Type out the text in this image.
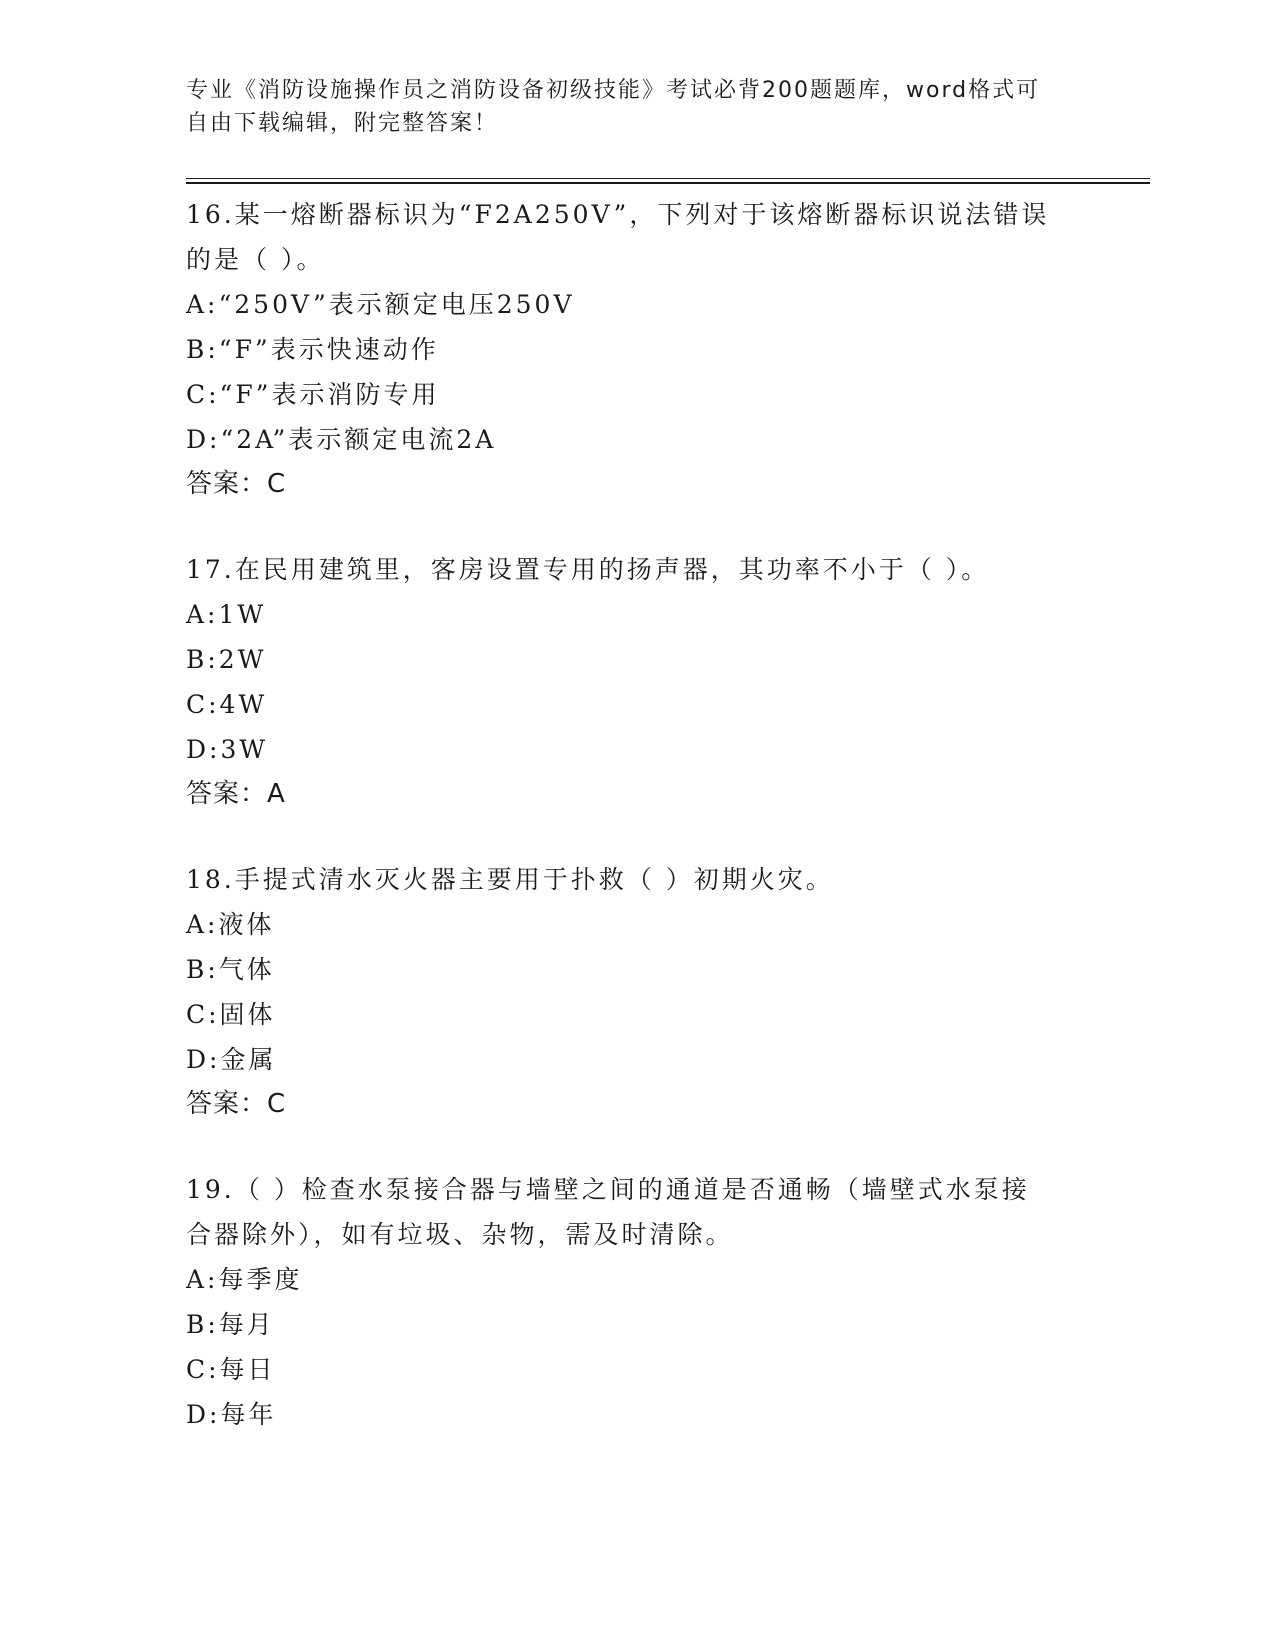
专业《消防设施操作员之消防设备初级技能》考试必背200题题库，word格式可
自由下载编辑，附完整答案！

16.某一熔断器标识为“F2A250V”，下列对于该熔断器标识说法错误

的是（ ）。

A:“250V”表示额定电压250V

B:“F”表示快速动作

C:“F”表示消防专用

D:“2A”表示额定电流2A

答案：C

17.在民用建筑里，客房设置专用的扬声器，其功率不小于（ ）。

A:1W

B:2W

C:4W

D:3W

答案：A

18.手提式清水灭火器主要用于扑救（ ）初期火灾。

A:液体

B:气体

C:固体

D:金属

答案：C

19.（ ）检查水泵接合器与墙壁之间的通道是否通畅（墙壁式水泵接

合器除外），如有垃圾、杂物，需及时清除。

A:每季度

B:每月

C:每日

D:每年
